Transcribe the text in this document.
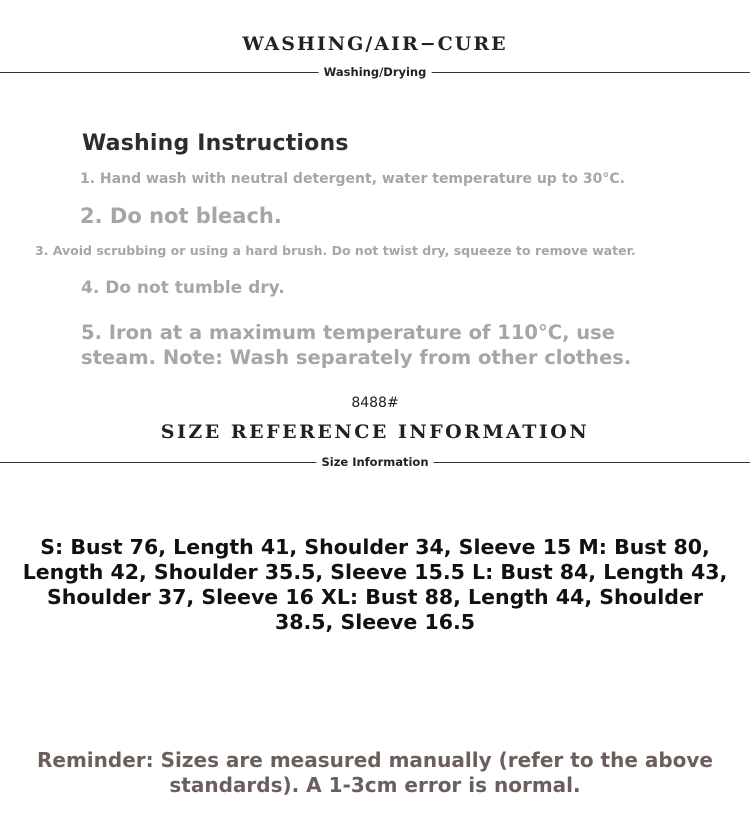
WASHING/AIR−CURE
Washing/Drying
Washing Instructions
1. Hand wash with neutral detergent, water temperature up to 30°C.
2. Do not bleach.
3. Avoid scrubbing or using a hard brush. Do not twist dry, squeeze to remove water.
4. Do not tumble dry.
5. Iron at a maximum temperature of 110°C, use steam. Note: Wash separately from other clothes.
8488#
SIZE REFERENCE INFORMATION
Size Information
S: Bust 76, Length 41, Shoulder 34, Sleeve 15 M: Bust 80, Length 42, Shoulder 35.5, Sleeve 15.5 L: Bust 84, Length 43, Shoulder 37, Sleeve 16 XL: Bust 88, Length 44, Shoulder 38.5, Sleeve 16.5
Reminder: Sizes are measured manually (refer to the above standards). A 1-3cm error is normal.
